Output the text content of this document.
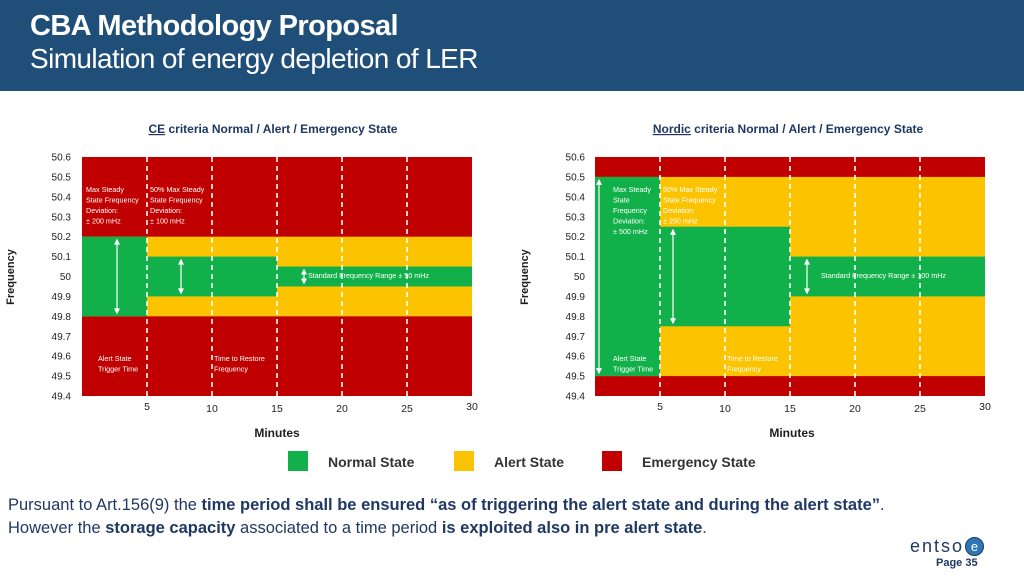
CBA Methodology Proposal
Simulation of energy depletion of LER
CE criteria Normal / Alert / Emergency State
50.6
50.5
50.4
50.3
50.2
50.1
50
49.9
49.8
49.7
49.6
49.5
49.4
5	10	15	20	25	30
Minutes
Frequency
Max Steady State Frequency Deviation: ± 200 mHz
50% Max Steady State Frequency Deviation: ± 100 mHz
Standard Frequency Range ± 50 mHz
Alert State Trigger Time
Time to Restore Frequency
Nordic criteria Normal / Alert / Emergency State
50.6
50.5
50.4
50.3
50.2
50.1
50
49.9
49.8
49.7
49.6
49.5
49.4
5	10	15	20	25	30
Minutes
Frequency
Max Steady State Frequency Deviation: ± 500 mHz
50% Max Steady State Frequency Deviation: ± 250 mHz
Standard Frequency Range ± 100 mHz
Alert State Trigger Time
Time to Restore Frequency
Normal State	Alert State	Emergency State
Pursuant to Art.156(9) the time period shall be ensured “as of triggering the alert state and during the alert state”.
However the storage capacity associated to a time period is exploited also in pre alert state.
entso e
Page 35
